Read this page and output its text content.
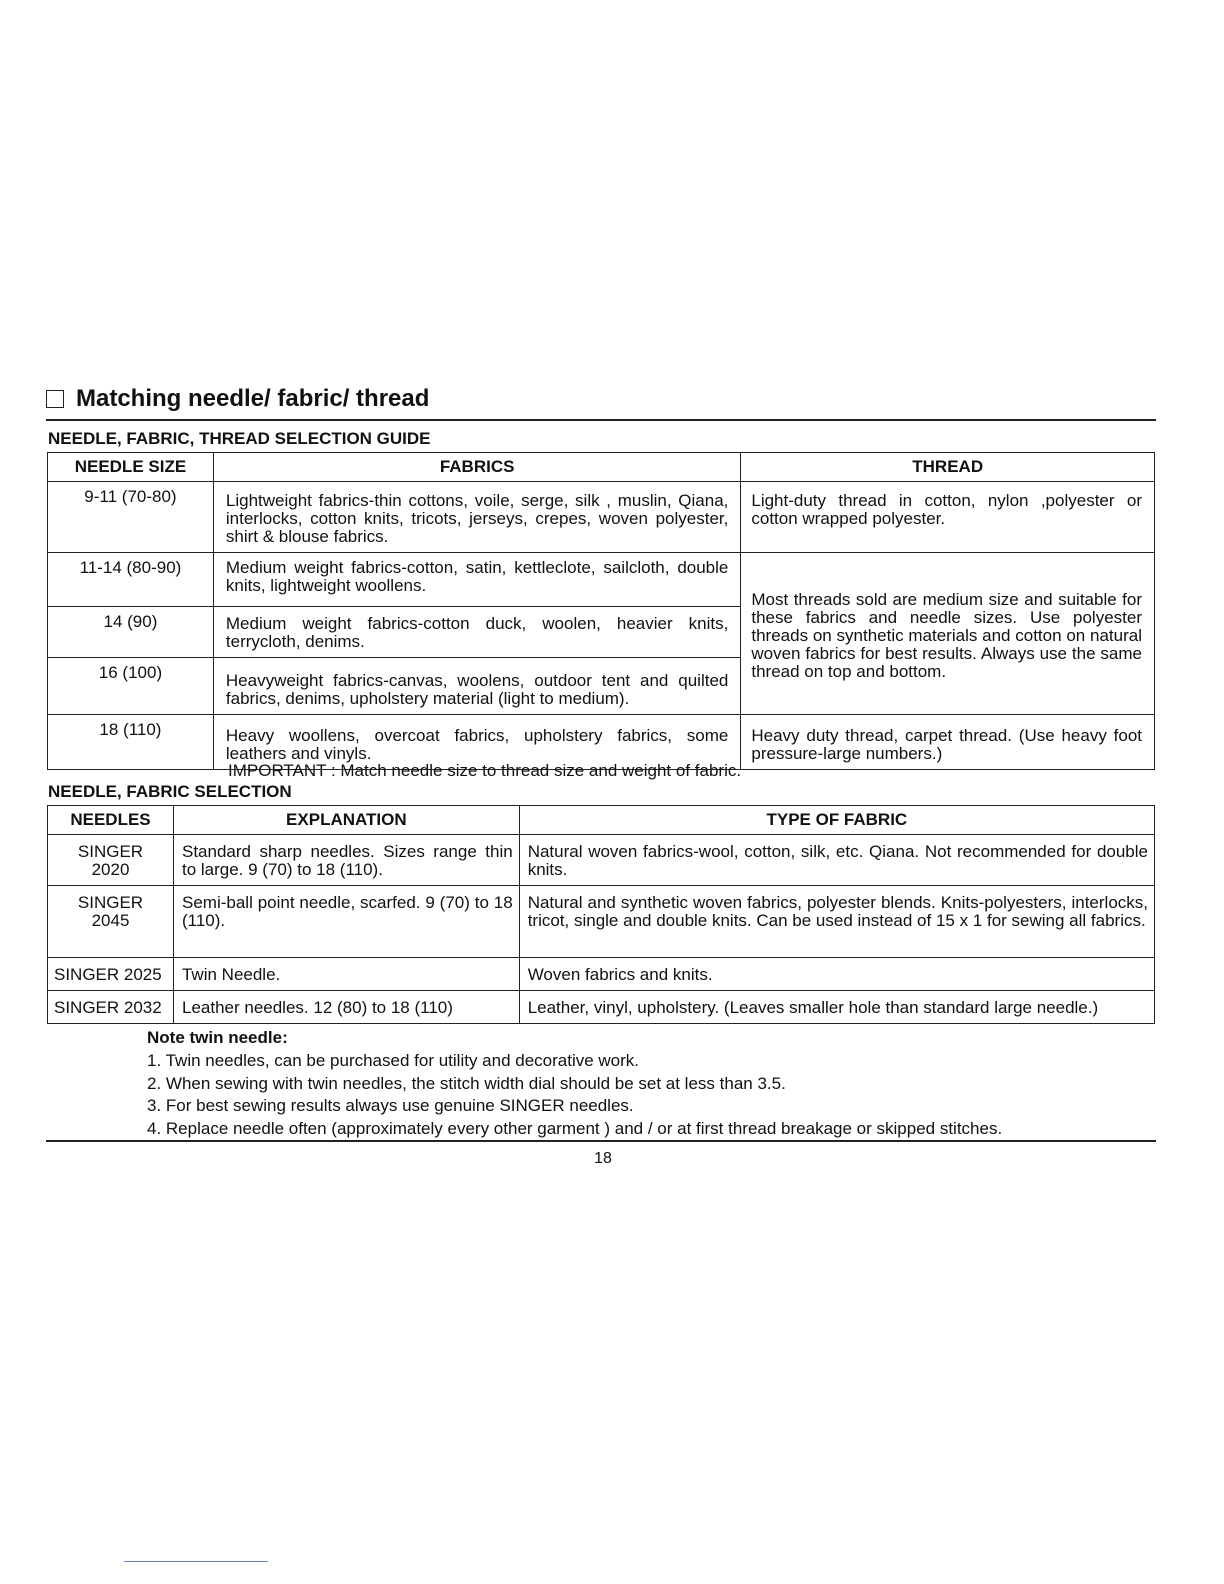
Matching needle/ fabric/ thread
NEEDLE, FABRIC, THREAD SELECTION GUIDE
NEEDLE SIZE	FABRICS	THREAD
9-11 (70-80)	Lightweight fabrics-thin cottons, voile, serge, silk , muslin, Qiana, interlocks, cotton knits, tricots, jerseys, crepes, woven polyester, shirt & blouse fabrics.	Light-duty thread in cotton, nylon ,polyester or cotton wrapped polyester.
11-14 (80-90)	Medium weight fabrics-cotton, satin, kettleclote, sailcloth, double knits, lightweight woollens.	Most threads sold are medium size and suitable for these fabrics and needle sizes. Use polyester threads on synthetic materials and cotton on natural woven fabrics for best results. Always use the same thread on top and bottom.
14 (90)	Medium weight fabrics-cotton duck, woolen, heavier knits, terrycloth, denims.	
16 (100)	Heavyweight fabrics-canvas, woolens, outdoor tent and quilted fabrics, denims, upholstery material (light to medium).	
18 (110)	Heavy woollens, overcoat fabrics, upholstery fabrics, some leathers and vinyls.	Heavy duty thread, carpet thread. (Use heavy foot pressure-large numbers.)
IMPORTANT : Match needle size to thread size and weight of fabric.
NEEDLE, FABRIC SELECTION
NEEDLES	EXPLANATION	TYPE OF FABRIC

SINGER
2020	Standard sharp needles. Sizes range thin to large. 9 (70) to 18 (110).	Natural woven fabrics-wool, cotton, silk, etc. Qiana. Not recommended for double knits.

SINGER
2045	Semi-ball point needle, scarfed. 9 (70) to 18 (110).	Natural and synthetic woven fabrics, polyester blends. Knits-polyesters, interlocks, tricot, single and double knits. Can be used instead of 15 x 1 for sewing all fabrics.
SINGER 2025	Twin Needle.	Woven fabrics and knits.
SINGER 2032	Leather needles. 12 (80) to 18 (110)	Leather, vinyl, upholstery. (Leaves smaller hole than standard large needle.)
Note twin needle:
1. Twin needles, can be purchased for utility and decorative work.
2. When sewing with twin needles, the stitch width dial should be set at less than 3.5.
3. For best sewing results always use genuine SINGER needles.
4. Replace needle often (approximately every other garment ) and / or at first thread breakage or skipped stitches.
18
